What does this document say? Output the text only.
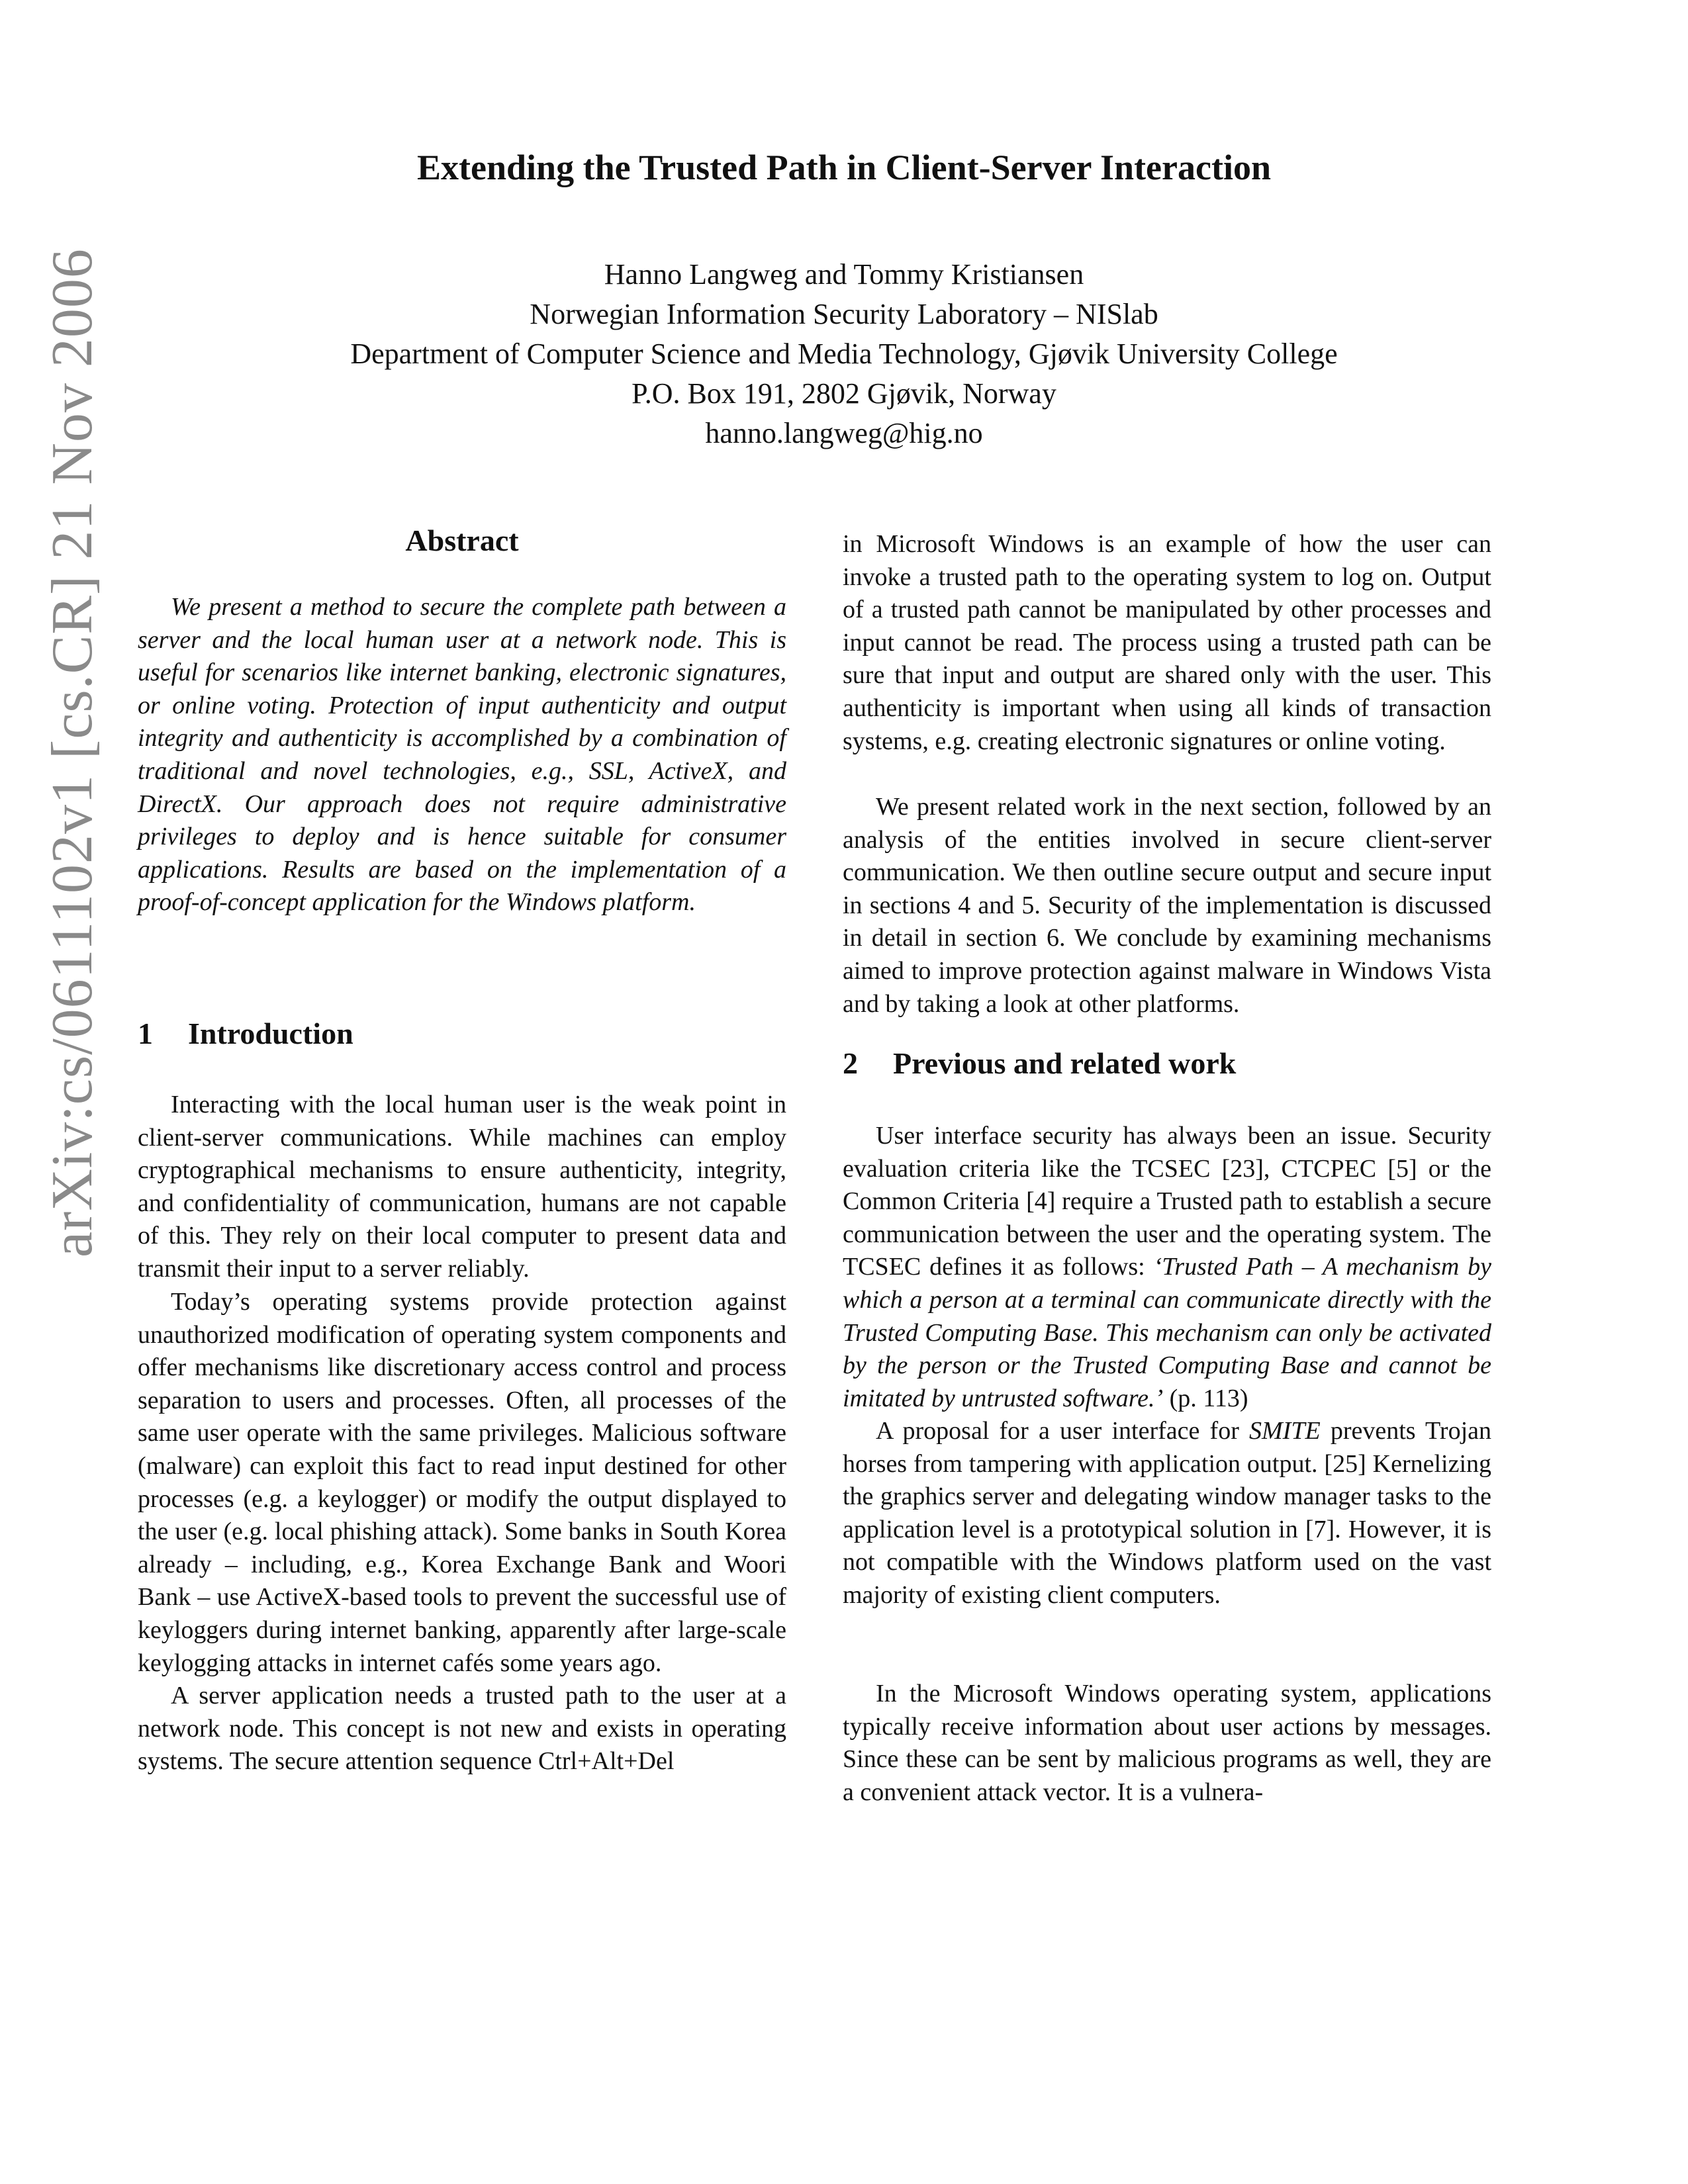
Extending the Trusted Path in Client-Server Interaction
Hanno Langweg and Tommy Kristiansen
Norwegian Information Security Laboratory – NISlab
Department of Computer Science and Media Technology, Gjøvik University College
P.O. Box 191, 2802 Gjøvik, Norway
hanno.langweg@hig.no
arXiv:cs/0611102v1 [cs.CR] 21 Nov 2006	Abstract

We present a method to secure the complete path between a server and the local human user at a network node. This is useful for scenarios like internet banking, electronic signatures, or online voting. Protection of input authenticity and output integrity and authenticity is accomplished by a combination of traditional and novel technologies, e.g., SSL, ActiveX, and DirectX. Our approach does not require administrative privileges to deploy and is hence suitable for consumer applications. Results are based on the implementation of a proof-of-concept application for the Windows platform.

1 Introduction

Interacting with the local human user is the weak point in client-server communications. While machines can employ cryptographical mechanisms to ensure authenticity, integrity, and confidentiality of communication, humans are not capable of this. They rely on their local computer to present data and transmit their input to a server reliably.

Today’s operating systems provide protection against unauthorized modification of operating system components and offer mechanisms like discretionary access control and process separation to users and processes. Often, all processes of the same user operate with the same privileges. Malicious software (malware) can exploit this fact to read input destined for other processes (e.g. a keylogger) or modify the output displayed to the user (e.g. local phishing attack). Some banks in South Korea already – including, e.g., Korea Exchange Bank and Woori Bank – use ActiveX-based tools to prevent the successful use of keyloggers during internet banking, apparently after large-scale keylogging attacks in internet cafés some years ago.

A server application needs a trusted path to the user at a network node. This concept is not new and exists in operating systems. The secure attention sequence Ctrl+Alt+Del

in Microsoft Windows is an example of how the user can invoke a trusted path to the operating system to log on. Output of a trusted path cannot be manipulated by other processes and input cannot be read. The process using a trusted path can be sure that input and output are shared only with the user. This authenticity is important when using all kinds of transaction systems, e.g. creating electronic signatures or online voting.

We present related work in the next section, followed by an analysis of the entities involved in secure client-server communication. We then outline secure output and secure input in sections 4 and 5. Security of the implementation is discussed in detail in section 6. We conclude by examining mechanisms aimed to improve protection against malware in Windows Vista and by taking a look at other platforms.

2 Previous and related work

User interface security has always been an issue. Security evaluation criteria like the TCSEC [23], CTCPEC [5] or the Common Criteria [4] require a Trusted path to establish a secure communication between the user and the operating system. The TCSEC defines it as follows: ‘Trusted Path – A mechanism by which a person at a terminal can communicate directly with the Trusted Computing Base. This mechanism can only be activated by the person or the Trusted Computing Base and cannot be imitated by untrusted software.’ (p. 113)

A proposal for a user interface for SMITE prevents Trojan horses from tampering with application output. [25] Kernelizing the graphics server and delegating window manager tasks to the application level is a prototypical solution in [7]. However, it is not compatible with the Windows platform used on the vast majority of existing client computers.

In the Microsoft Windows operating system, applications typically receive information about user actions by messages. Since these can be sent by malicious programs as well, they are a convenient attack vector. It is a vulnera-
